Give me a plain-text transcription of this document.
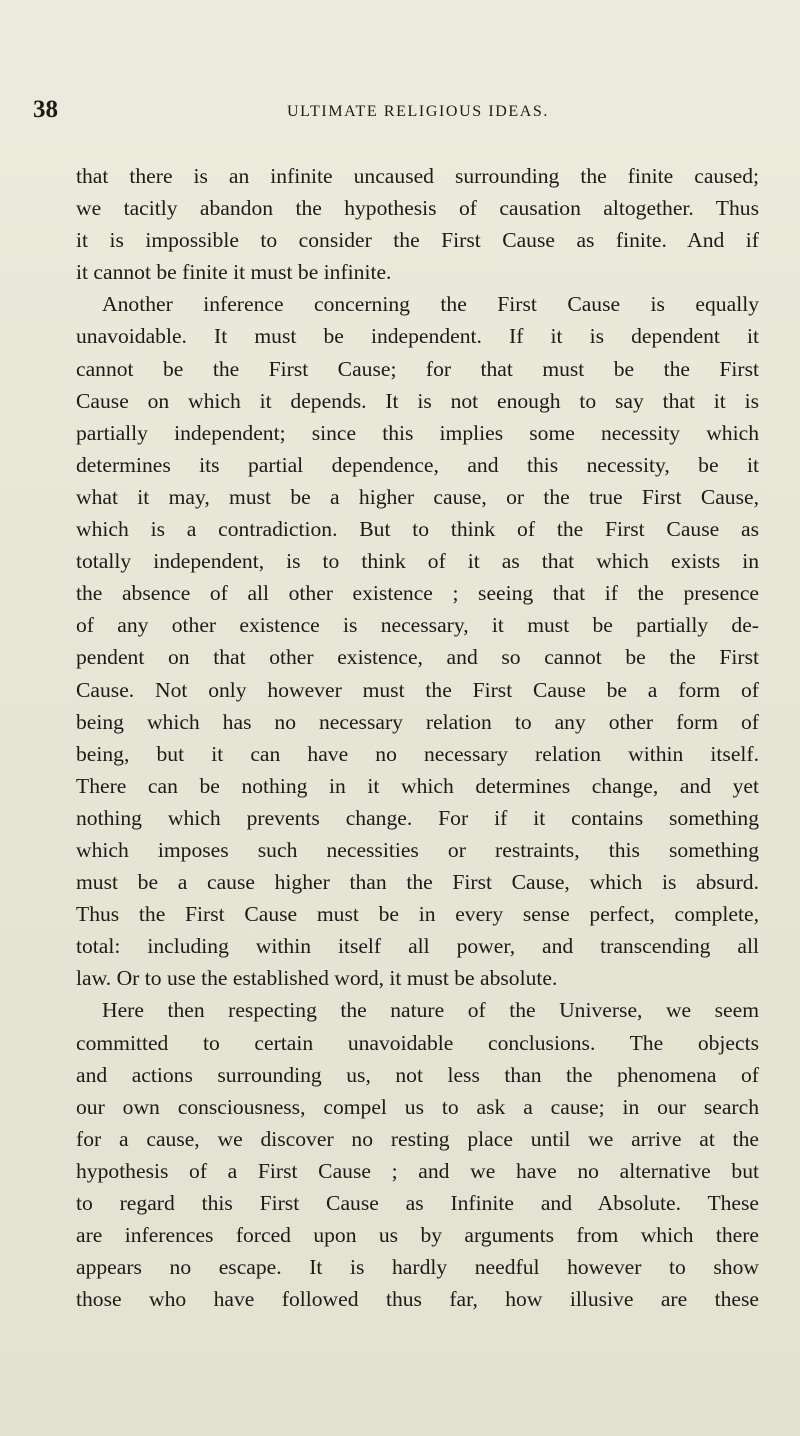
38	ULTIMATE RELIGIOUS IDEAS.
that there is an infinite uncaused surrounding the finite caused;
we tacitly abandon the hypothesis of causation altogether. Thus
it is impossible to consider the First Cause as finite. And if
it cannot be finite it must be infinite.
Another inference concerning the First Cause is equally
unavoidable. It must be independent. If it is dependent it
cannot be the First Cause; for that must be the First
Cause on which it depends. It is not enough to say that it is
partially independent; since this implies some necessity which
determines its partial dependence, and this necessity, be it
what it may, must be a higher cause, or the true First Cause,
which is a contradiction. But to think of the First Cause as
totally independent, is to think of it as that which exists in
the absence of all other existence ; seeing that if the presence
of any other existence is necessary, it must be partially de-
pendent on that other existence, and so cannot be the First
Cause. Not only however must the First Cause be a form of
being which has no necessary relation to any other form of
being, but it can have no necessary relation within itself.
There can be nothing in it which determines change, and yet
nothing which prevents change. For if it contains something
which imposes such necessities or restraints, this something
must be a cause higher than the First Cause, which is absurd.
Thus the First Cause must be in every sense perfect, complete,
total: including within itself all power, and transcending all
law. Or to use the established word, it must be absolute.
Here then respecting the nature of the Universe, we seem
committed to certain unavoidable conclusions. The objects
and actions surrounding us, not less than the phenomena of
our own consciousness, compel us to ask a cause; in our search
for a cause, we discover no resting place until we arrive at the
hypothesis of a First Cause ; and we have no alternative but
to regard this First Cause as Infinite and Absolute. These
are inferences forced upon us by arguments from which there
appears no escape. It is hardly needful however to show
those who have followed thus far, how illusive are these
